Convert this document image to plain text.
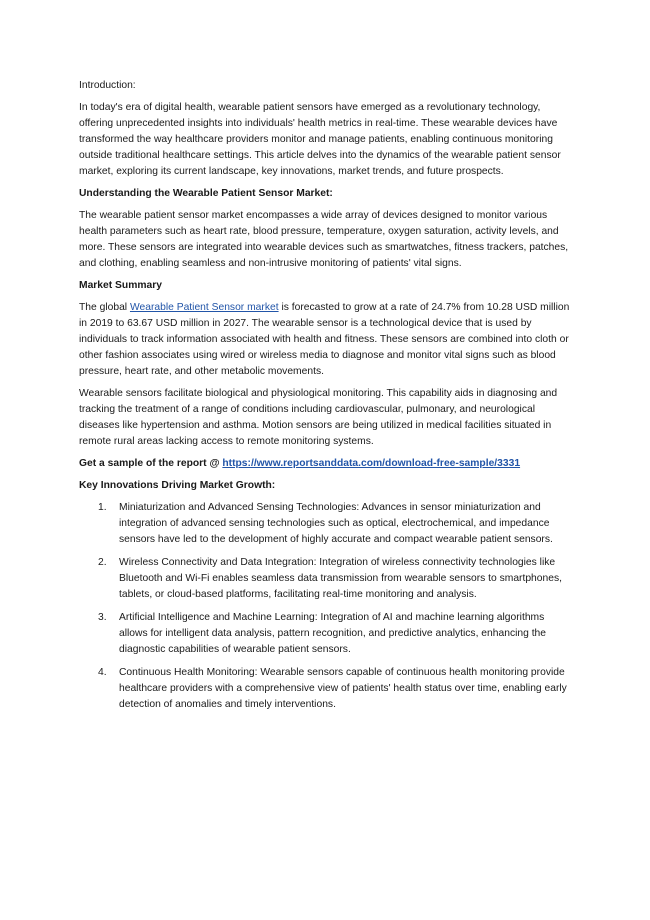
Introduction:

In today's era of digital health, wearable patient sensors have emerged as a revolutionary technology, offering unprecedented insights into individuals' health metrics in real-time. These wearable devices have transformed the way healthcare providers monitor and manage patients, enabling continuous monitoring outside traditional healthcare settings. This article delves into the dynamics of the wearable patient sensor market, exploring its current landscape, key innovations, market trends, and future prospects.

Understanding the Wearable Patient Sensor Market:

The wearable patient sensor market encompasses a wide array of devices designed to monitor various health parameters such as heart rate, blood pressure, temperature, oxygen saturation, activity levels, and more. These sensors are integrated into wearable devices such as smartwatches, fitness trackers, patches, and clothing, enabling seamless and non-intrusive monitoring of patients' vital signs.

Market Summary

The global Wearable Patient Sensor market is forecasted to grow at a rate of 24.7% from 10.28 USD million in 2019 to 63.67 USD million in 2027. The wearable sensor is a technological device that is used by individuals to track information associated with health and fitness. These sensors are combined into cloth or other fashion associates using wired or wireless media to diagnose and monitor vital signs such as blood pressure, heart rate, and other metabolic movements.

Wearable sensors facilitate biological and physiological monitoring. This capability aids in diagnosing and tracking the treatment of a range of conditions including cardiovascular, pulmonary, and neurological diseases like hypertension and asthma. Motion sensors are being utilized in medical facilities situated in remote rural areas lacking access to remote monitoring systems.

Get a sample of the report @ https://www.reportsanddata.com/download-free-sample/3331

Key Innovations Driving Market Growth:

1. Miniaturization and Advanced Sensing Technologies: Advances in sensor miniaturization and integration of advanced sensing technologies such as optical, electrochemical, and impedance sensors have led to the development of highly accurate and compact wearable patient sensors.
2. Wireless Connectivity and Data Integration: Integration of wireless connectivity technologies like Bluetooth and Wi-Fi enables seamless data transmission from wearable sensors to smartphones, tablets, or cloud-based platforms, facilitating real-time monitoring and analysis.
3. Artificial Intelligence and Machine Learning: Integration of AI and machine learning algorithms allows for intelligent data analysis, pattern recognition, and predictive analytics, enhancing the diagnostic capabilities of wearable patient sensors.
4. Continuous Health Monitoring: Wearable sensors capable of continuous health monitoring provide healthcare providers with a comprehensive view of patients' health status over time, enabling early detection of anomalies and timely interventions.
